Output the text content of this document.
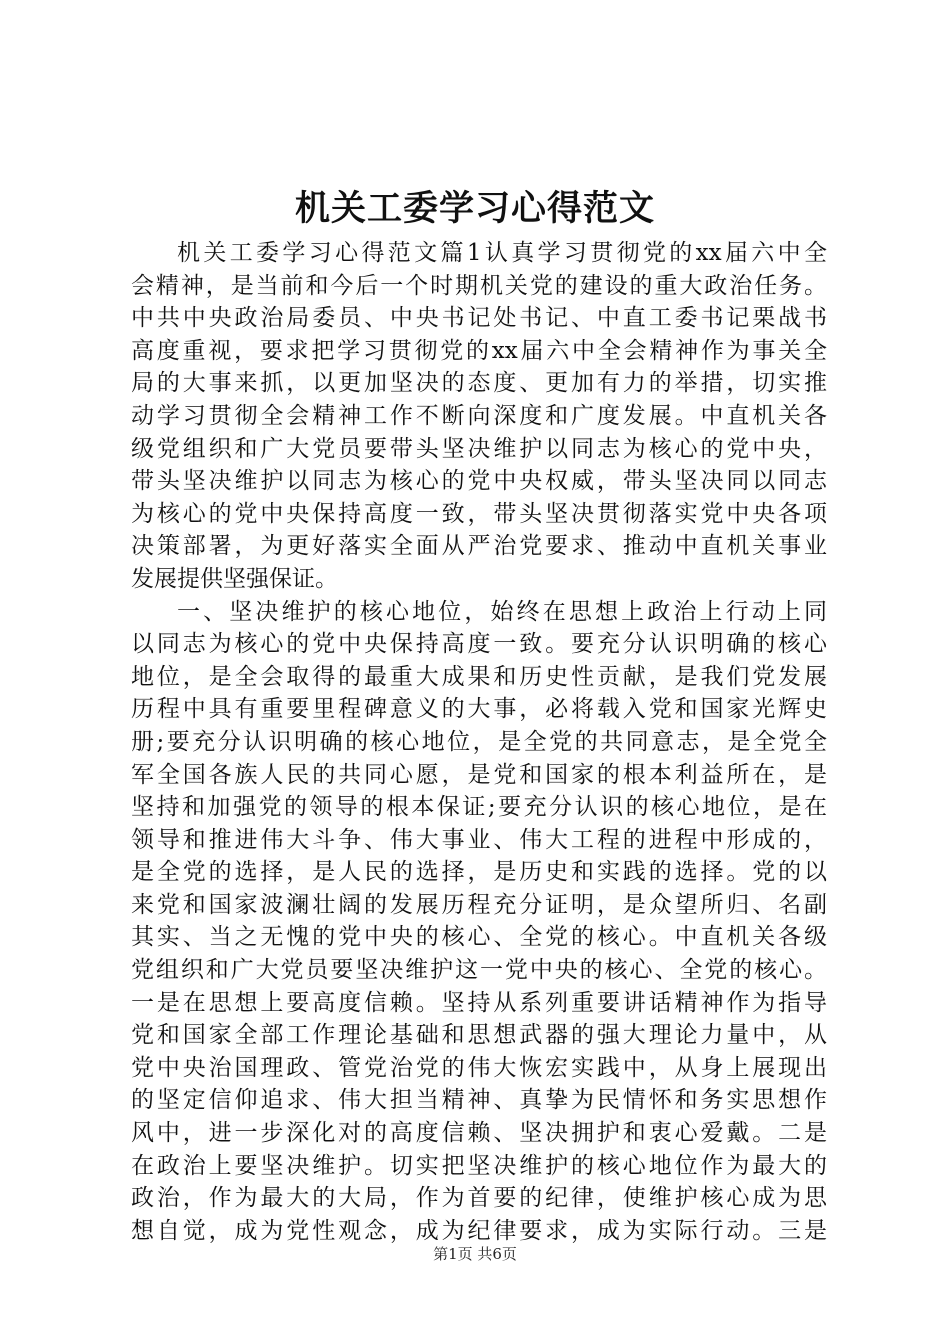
机关工委学习心得范文
机关工委学习心得范文篇1认真学习贯彻党的xx届六中全
会精神，是当前和今后一个时期机关党的建设的重大政治任务。
中共中央政治局委员、中央书记处书记、中直工委书记栗战书
高度重视，要求把学习贯彻党的xx届六中全会精神作为事关全
局的大事来抓，以更加坚决的态度、更加有力的举措，切实推
动学习贯彻全会精神工作不断向深度和广度发展。中直机关各
级党组织和广大党员要带头坚决维护以同志为核心的党中央，
带头坚决维护以同志为核心的党中央权威，带头坚决同以同志
为核心的党中央保持高度一致，带头坚决贯彻落实党中央各项
决策部署，为更好落实全面从严治党要求、推动中直机关事业
发展提供坚强保证。
一、坚决维护的核心地位，始终在思想上政治上行动上同
以同志为核心的党中央保持高度一致。要充分认识明确的核心
地位，是全会取得的最重大成果和历史性贡献，是我们党发展
历程中具有重要里程碑意义的大事，必将载入党和国家光辉史
册;要充分认识明确的核心地位，是全党的共同意志，是全党全
军全国各族人民的共同心愿，是党和国家的根本利益所在，是
坚持和加强党的领导的根本保证;要充分认识的核心地位，是在
领导和推进伟大斗争、伟大事业、伟大工程的进程中形成的，
是全党的选择，是人民的选择，是历史和实践的选择。党的以
来党和国家波澜壮阔的发展历程充分证明，是众望所归、名副
其实、当之无愧的党中央的核心、全党的核心。中直机关各级
党组织和广大党员要坚决维护这一党中央的核心、全党的核心。
一是在思想上要高度信赖。坚持从系列重要讲话精神作为指导
党和国家全部工作理论基础和思想武器的强大理论力量中，从
党中央治国理政、管党治党的伟大恢宏实践中，从身上展现出
的坚定信仰追求、伟大担当精神、真挚为民情怀和务实思想作
风中，进一步深化对的高度信赖、坚决拥护和衷心爱戴。二是
在政治上要坚决维护。切实把坚决维护的核心地位作为最大的
政治，作为最大的大局，作为首要的纪律，使维护核心成为思
想自觉，成为党性观念，成为纪律要求，成为实际行动。三是
第1页 共6页
